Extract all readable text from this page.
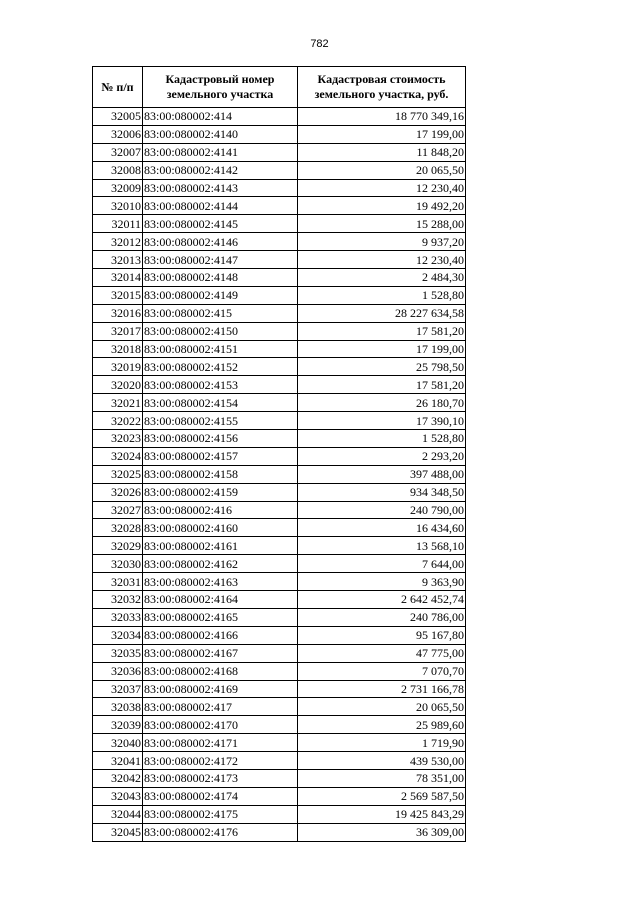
782
№ п/п	Кадастровый номер земельного участка	Кадастровая стоимость земельного участка, руб.
32005	83:00:080002:414	18 770 349,16
32006	83:00:080002:4140	17 199,00
32007	83:00:080002:4141	11 848,20
32008	83:00:080002:4142	20 065,50
32009	83:00:080002:4143	12 230,40
32010	83:00:080002:4144	19 492,20
32011	83:00:080002:4145	15 288,00
32012	83:00:080002:4146	9 937,20
32013	83:00:080002:4147	12 230,40
32014	83:00:080002:4148	2 484,30
32015	83:00:080002:4149	1 528,80
32016	83:00:080002:415	28 227 634,58
32017	83:00:080002:4150	17 581,20
32018	83:00:080002:4151	17 199,00
32019	83:00:080002:4152	25 798,50
32020	83:00:080002:4153	17 581,20
32021	83:00:080002:4154	26 180,70
32022	83:00:080002:4155	17 390,10
32023	83:00:080002:4156	1 528,80
32024	83:00:080002:4157	2 293,20
32025	83:00:080002:4158	397 488,00
32026	83:00:080002:4159	934 348,50
32027	83:00:080002:416	240 790,00
32028	83:00:080002:4160	16 434,60
32029	83:00:080002:4161	13 568,10
32030	83:00:080002:4162	7 644,00
32031	83:00:080002:4163	9 363,90
32032	83:00:080002:4164	2 642 452,74
32033	83:00:080002:4165	240 786,00
32034	83:00:080002:4166	95 167,80
32035	83:00:080002:4167	47 775,00
32036	83:00:080002:4168	7 070,70
32037	83:00:080002:4169	2 731 166,78
32038	83:00:080002:417	20 065,50
32039	83:00:080002:4170	25 989,60
32040	83:00:080002:4171	1 719,90
32041	83:00:080002:4172	439 530,00
32042	83:00:080002:4173	78 351,00
32043	83:00:080002:4174	2 569 587,50
32044	83:00:080002:4175	19 425 843,29
32045	83:00:080002:4176	36 309,00
